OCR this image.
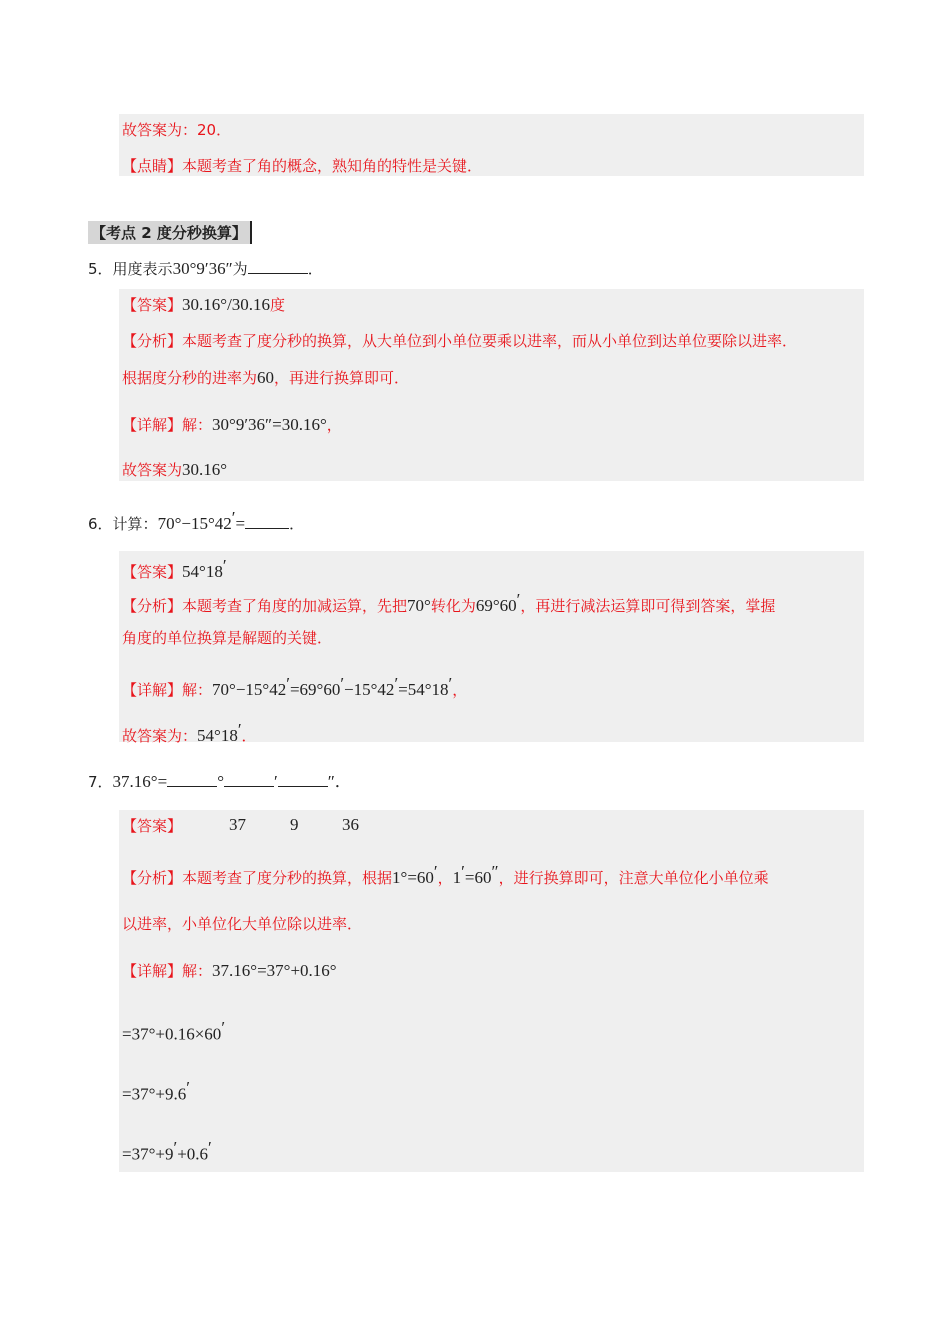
故答案为：20．
【点睛】本题考查了角的概念，熟知角的特性是关键．
【考点 2 度分秒换算】
5．用度表示30°9′36″为	．
【答案】30.16°/30.16度
【分析】本题考查了度分秒的换算，从大单位到小单位要乘以进率，而从小单位到达单位要除以进率．
根据度分秒的进率为60，再进行换算即可．
【详解】解：30°9′36″=30.16°，
故答案为30.16°
6．计算：70°−15°42′=	．
【答案】54°18′
【分析】本题考查了角度的加减运算，先把70°转化为69°60′，再进行减法运算即可得到答案，掌握
角度的单位换算是解题的关键．
【详解】解：70°−15°42′=69°60′−15°42′=54°18′，
故答案为：54°18′．
7．37.16°=	°	′	″．
【答案】	37	9	36
【分析】本题考查了度分秒的换算，根据1°=60′，1′=60″，进行换算即可，注意大单位化小单位乘
以进率，小单位化大单位除以进率．
【详解】解：37.16°=37°+0.16°
=37°+0.16×60′
=37°+9.6′
=37°+9′+0.6′
